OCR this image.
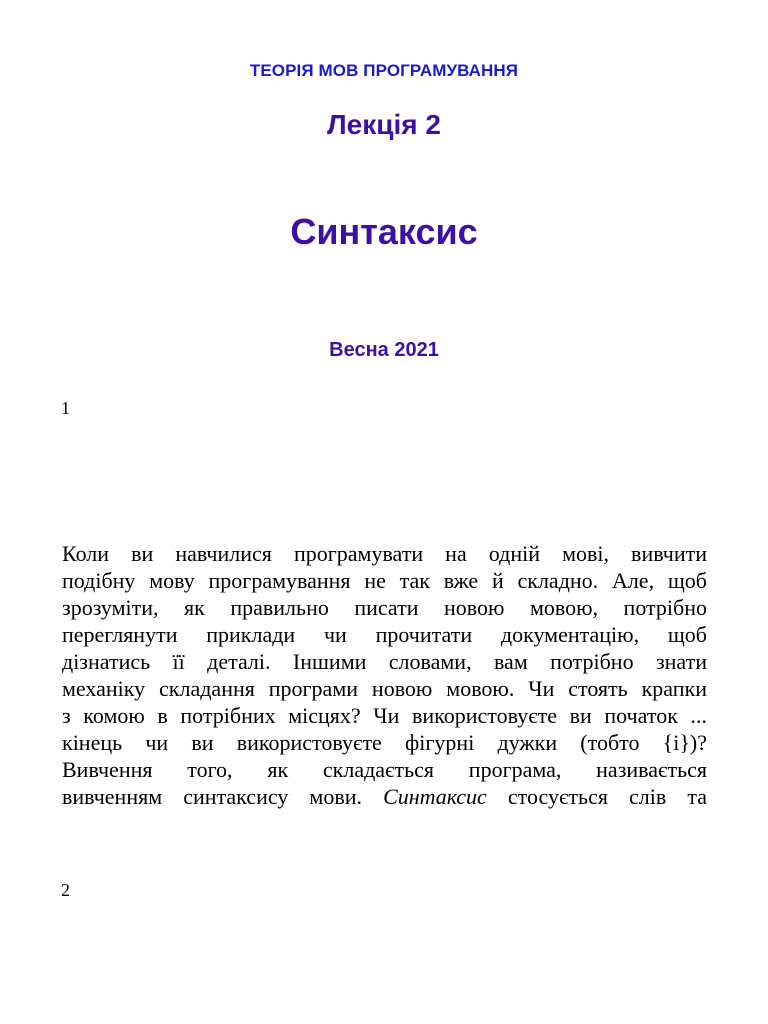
ТЕОРІЯ МОВ ПРОГРАМУВАННЯ
Лекція 2
Синтаксис
Весна 2021
1
Коли ви навчилися програмувати на одній мові, вивчити
подібну мову програмування не так вже й складно. Але, щоб
зрозуміти, як правильно писати новою мовою, потрібно
переглянути приклади чи прочитати документацію, щоб
дізнатись її деталі. Іншими словами, вам потрібно знати
механіку складання програми новою мовою. Чи стоять крапки
з комою в потрібних місцях? Чи використовуєте ви початок ...
кінець чи ви використовуєте фігурні дужки (тобто {і})?
Вивчення того, як складається програма, називається
вивченням синтаксису мови. Синтаксис стосується слів та
2
